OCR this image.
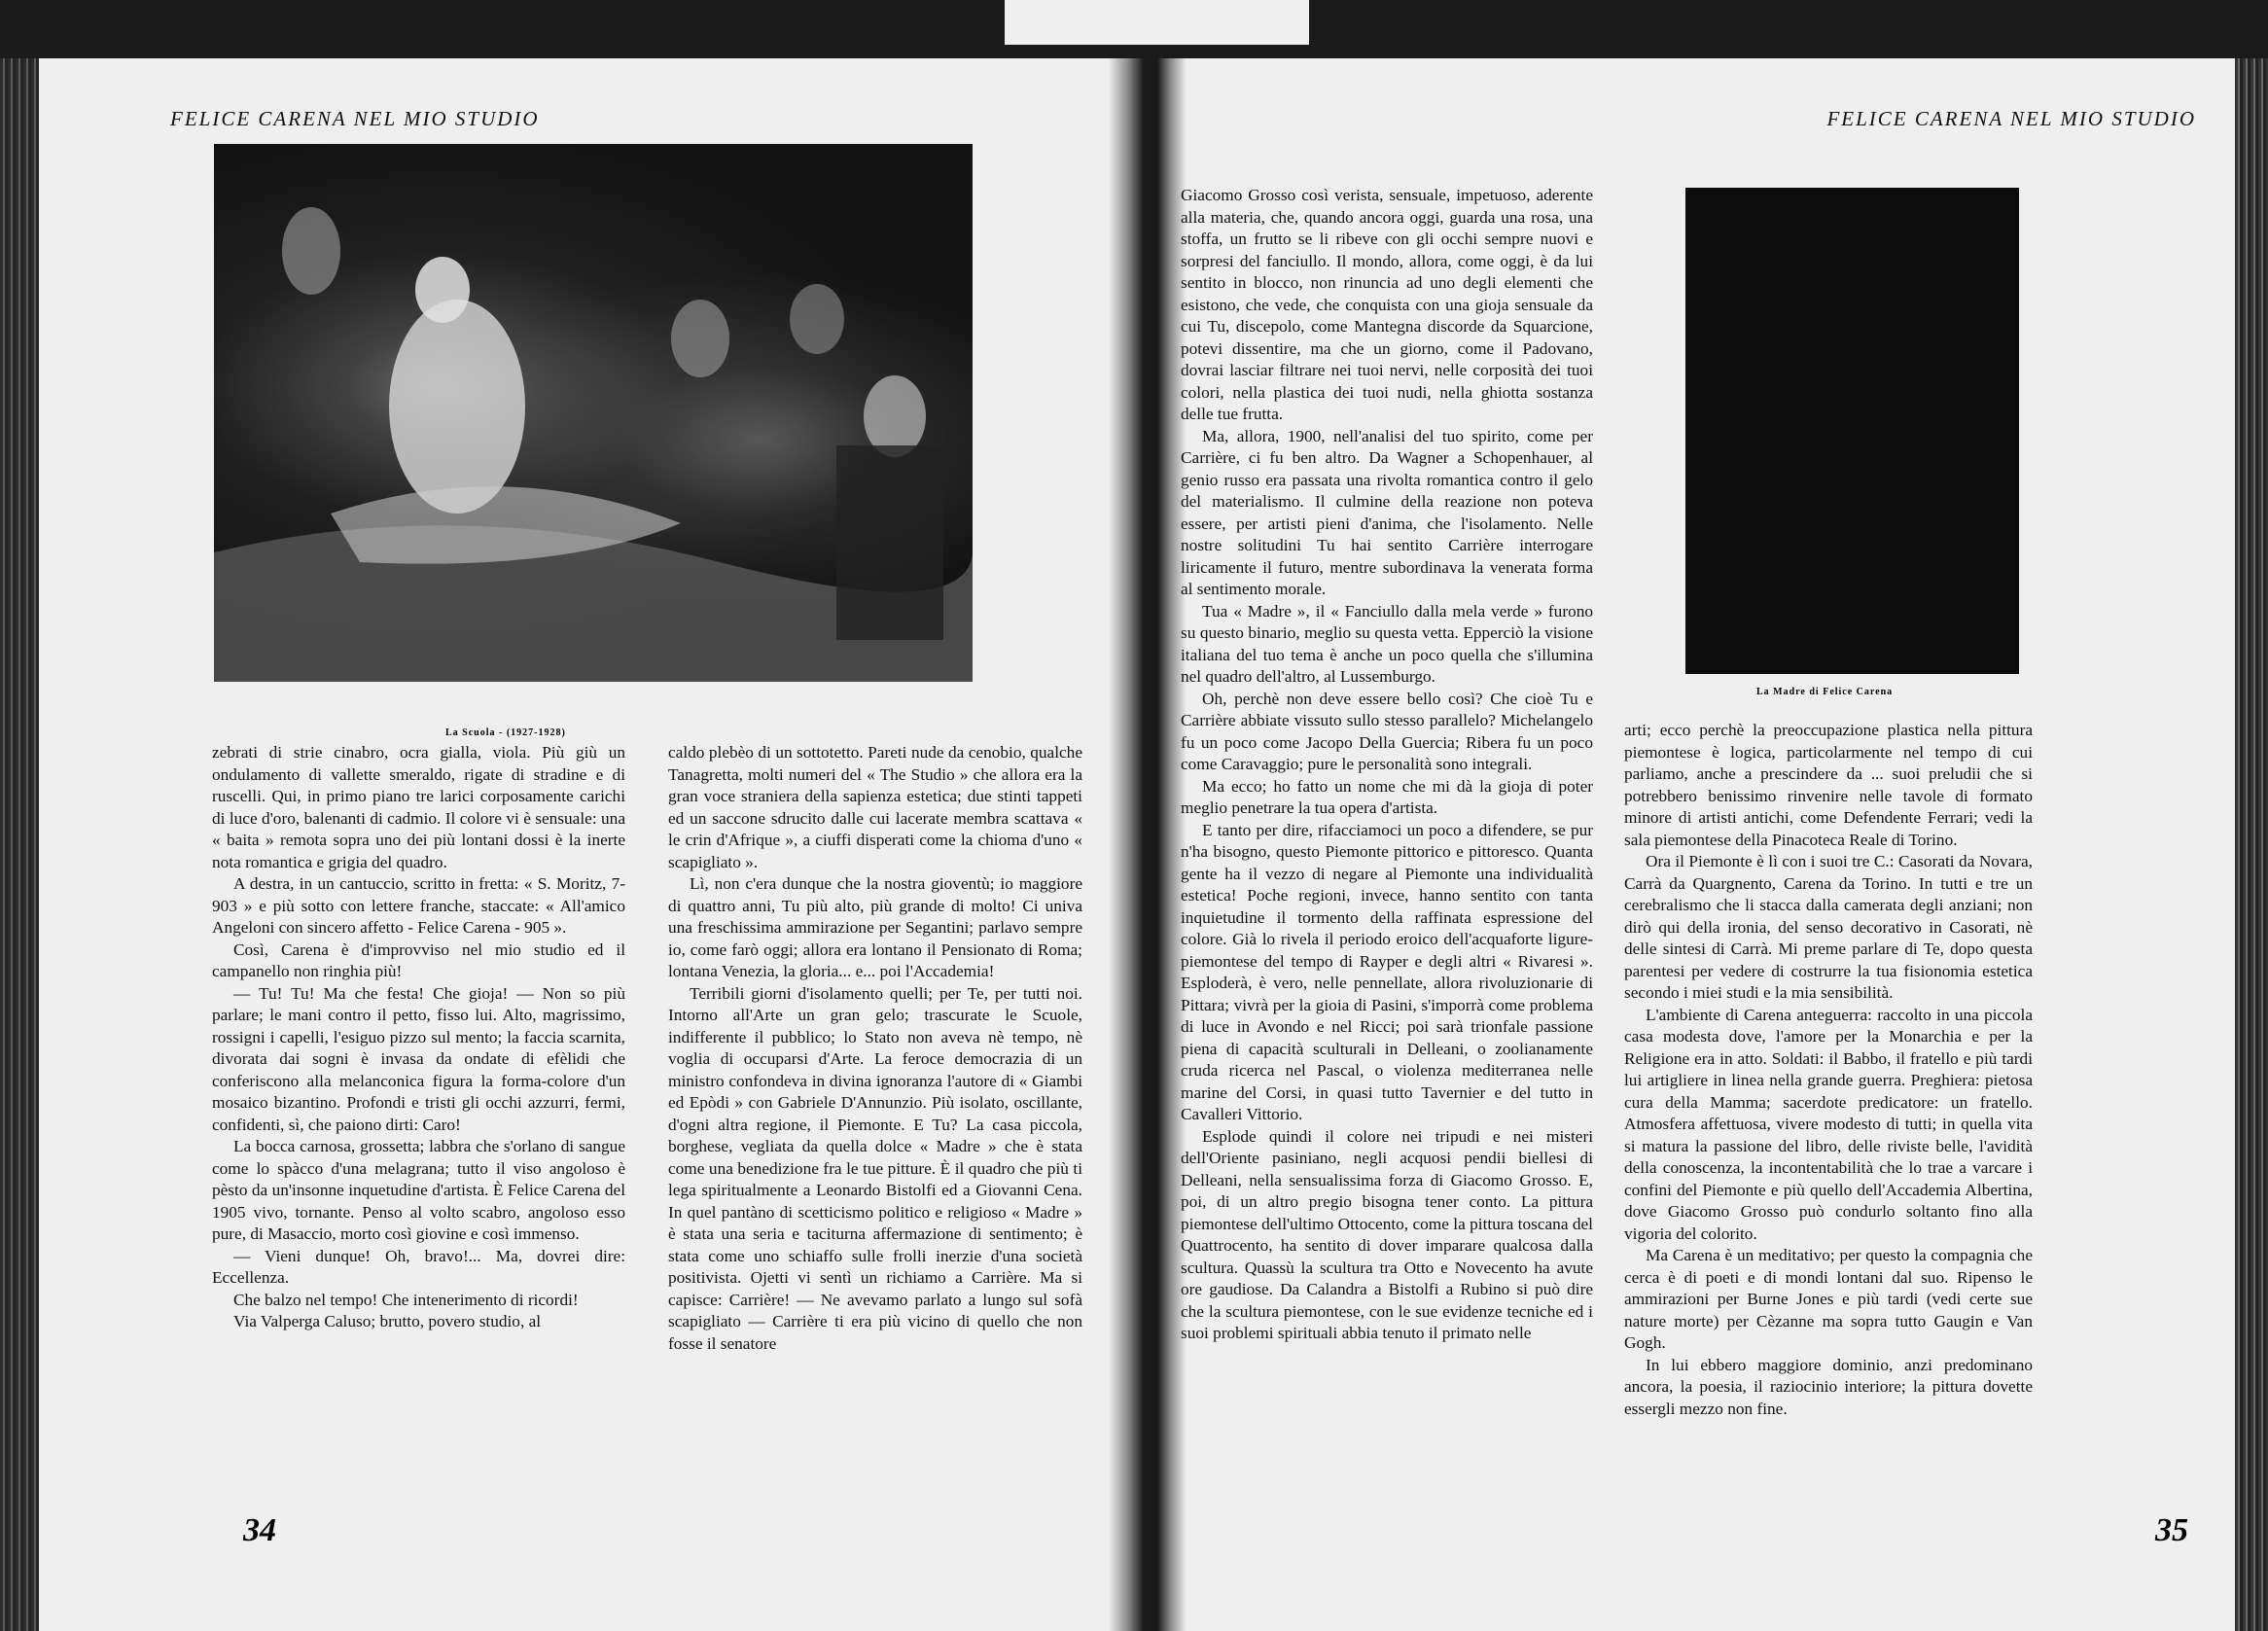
FELICE CARENA NEL MIO STUDIO
La Scuola - (1927-1928)

zebrati di strie cinabro, ocra gialla, viola. Più giù un ondulamento di vallette smeraldo, rigate di stradine e di ruscelli. Qui, in primo piano tre larici corposamente carichi di luce d'oro, balenanti di cadmio. Il colore vi è sensuale: una « baita » remota sopra uno dei più lontani dossi è la inerte nota romantica e grigia del quadro.

A destra, in un cantuccio, scritto in fretta: « S. Moritz, 7-903 » e più sotto con lettere franche, staccate: « All'amico Angeloni con sincero affetto - Felice Carena - 905 ».

Così, Carena è d'improvviso nel mio studio ed il campanello non ringhia più!

— Tu! Tu! Ma che festa! Che gioja! — Non so più parlare; le mani contro il petto, fisso lui. Alto, magrissimo, rossigni i capelli, l'esiguo pizzo sul mento; la faccia scarnita, divorata dai sogni è invasa da ondate di efèlidi che conferiscono alla melanconica figura la forma-colore d'un mosaico bizantino. Profondi e tristi gli occhi azzurri, fermi, confidenti, sì, che paiono dirti: Caro!

La bocca carnosa, grossetta; labbra che s'orlano di sangue come lo spàcco d'una melagrana; tutto il viso angoloso è pèsto da un'insonne inquetudine d'artista. È Felice Carena del 1905 vivo, tornante. Penso al volto scabro, angoloso esso pure, di Masaccio, morto così giovine e così immenso.

— Vieni dunque! Oh, bravo!... Ma, dovrei dire: Eccellenza.

Che balzo nel tempo! Che intenerimento di ricordi!

Via Valperga Caluso; brutto, povero studio, al

caldo plebèo di un sottotetto. Pareti nude da cenobio, qualche Tanagretta, molti numeri del « The Studio » che allora era la gran voce straniera della sapienza estetica; due stinti tappeti ed un saccone sdrucito dalle cui lacerate membra scattava « le crin d'Afrique », a ciuffi disperati come la chioma d'uno « scapigliato ».

Lì, non c'era dunque che la nostra gioventù; io maggiore di quattro anni, Tu più alto, più grande di molto! Ci univa una freschissima ammirazione per Segantini; parlavo sempre io, come farò oggi; allora era lontano il Pensionato di Roma; lontana Venezia, la gloria... e... poi l'Accademia!

Terribili giorni d'isolamento quelli; per Te, per tutti noi. Intorno all'Arte un gran gelo; trascurate le Scuole, indifferente il pubblico; lo Stato non aveva nè tempo, nè voglia di occuparsi d'Arte. La feroce democrazia di un ministro confondeva in divina ignoranza l'autore di « Giambi ed Epòdi » con Gabriele D'Annunzio. Più isolato, oscillante, d'ogni altra regione, il Piemonte. E Tu? La casa piccola, borghese, vegliata da quella dolce « Madre » che è stata come una benedizione fra le tue pitture. È il quadro che più ti lega spiritualmente a Leonardo Bistolfi ed a Giovanni Cena. In quel pantàno di scetticismo politico e religioso « Madre » è stata una seria e taciturna affermazione di sentimento; è stata come uno schiaffo sulle frolli inerzie d'una società positivista. Ojetti vi sentì un richiamo a Carrière. Ma si capisce: Carrière! — Ne avevamo parlato a lungo sul sofà scapigliato — Carrière ti era più vicino di quello che non fosse il senatore

34
FELICE CARENA NEL MIO STUDIO

Giacomo Grosso così verista, sensuale, impetuoso, aderente alla materia, che, quando ancora oggi, guarda una rosa, una stoffa, un frutto se li ribeve con gli occhi sempre nuovi e sorpresi del fanciullo. Il mondo, allora, come oggi, è da lui sentito in blocco, non rinuncia ad uno degli elementi che esistono, che vede, che conquista con una gioja sensuale da cui Tu, discepolo, come Mantegna discorde da Squarcione, potevi dissentire, ma che un giorno, come il Padovano, dovrai lasciar filtrare nei tuoi nervi, nelle corposità dei tuoi colori, nella plastica dei tuoi nudi, nella ghiotta sostanza delle tue frutta.

Ma, allora, 1900, nell'analisi del tuo spirito, come per Carrière, ci fu ben altro. Da Wagner a Schopenhauer, al genio russo era passata una rivolta romantica contro il gelo del materialismo. Il culmine della reazione non poteva essere, per artisti pieni d'anima, che l'isolamento. Nelle nostre solitudini Tu hai sentito Carrière interrogare liricamente il futuro, mentre subordinava la venerata forma al sentimento morale.

Tua « Madre », il « Fanciullo dalla mela verde » furono su questo binario, meglio su questa vetta. Epperciò la visione italiana del tuo tema è anche un poco quella che s'illumina nel quadro dell'altro, al Lussemburgo.

Oh, perchè non deve essere bello così? Che cioè Tu e Carrière abbiate vissuto sullo stesso parallelo? Michelangelo fu un poco come Jacopo Della Guercia; Ribera fu un poco come Caravaggio; pure le personalità sono integrali.

Ma ecco; ho fatto un nome che mi dà la gioja di poter meglio penetrare la tua opera d'artista.

E tanto per dire, rifacciamoci un poco a difendere, se pur n'ha bisogno, questo Piemonte pittorico e pittoresco. Quanta gente ha il vezzo di negare al Piemonte una individualità estetica! Poche regioni, invece, hanno sentito con tanta inquietudine il tormento della raffinata espressione del colore. Già lo rivela il periodo eroico dell'acquaforte ligure-piemontese del tempo di Rayper e degli altri « Rivaresi ». Esploderà, è vero, nelle pennellate, allora rivoluzionarie di Pittara; vivrà per la gioia di Pasini, s'imporrà come problema di luce in Avondo e nel Ricci; poi sarà trionfale passione piena di capacità sculturali in Delleani, o zoolianamente cruda ricerca nel Pascal, o violenza mediterranea nelle marine del Corsi, in quasi tutto Tavernier e del tutto in Cavalleri Vittorio.

Esplode quindi il colore nei tripudi e nei misteri dell'Oriente pasiniano, negli acquosi pendii biellesi di Delleani, nella sensualissima forza di Giacomo Grosso. E, poi, di un altro pregio bisogna tener conto. La pittura piemontese dell'ultimo Ottocento, come la pittura toscana del Quattrocento, ha sentito di dover imparare qualcosa dalla scultura. Quassù la scultura tra Otto e Novecento ha avute ore gaudiose. Da Calandra a Bistolfi a Rubino si può dire che la scultura piemontese, con le sue evidenze tecniche ed i suoi problemi spirituali abbia tenuto il primato nelle

La Madre di Felice Carena

arti; ecco perchè la preoccupazione plastica nella pittura piemontese è logica, particolarmente nel tempo di cui parliamo, anche a prescindere da ... suoi preludii che si potrebbero benissimo rinvenire nelle tavole di formato minore di artisti antichi, come Defendente Ferrari; vedi la sala piemontese della Pinacoteca Reale di Torino.

Ora il Piemonte è lì con i suoi tre C.: Casorati da Novara, Carrà da Quargnento, Carena da Torino. In tutti e tre un cerebralismo che li stacca dalla camerata degli anziani; non dirò qui della ironia, del senso decorativo in Casorati, nè delle sintesi di Carrà. Mi preme parlare di Te, dopo questa parentesi per vedere di costrurre la tua fisionomia estetica secondo i miei studi e la mia sensibilità.

L'ambiente di Carena anteguerra: raccolto in una piccola casa modesta dove, l'amore per la Monarchia e per la Religione era in atto. Soldati: il Babbo, il fratello e più tardi lui artigliere in linea nella grande guerra. Preghiera: pietosa cura della Mamma; sacerdote predicatore: un fratello. Atmosfera affettuosa, vivere modesto di tutti; in quella vita si matura la passione del libro, delle riviste belle, l'avidità della conoscenza, la incontentabilità che lo trae a varcare i confini del Piemonte e più quello dell'Accademia Albertina, dove Giacomo Grosso può condurlo soltanto fino alla vigoria del colorito.

Ma Carena è un meditativo; per questo la compagnia che cerca è di poeti e di mondi lontani dal suo. Ripenso le ammirazioni per Burne Jones e più tardi (vedi certe sue nature morte) per Cèzanne ma sopra tutto Gaugin e Van Gogh.

In lui ebbero maggiore dominio, anzi predominano ancora, la poesia, il raziocinio interiore; la pittura dovette essergli mezzo non fine.

35
